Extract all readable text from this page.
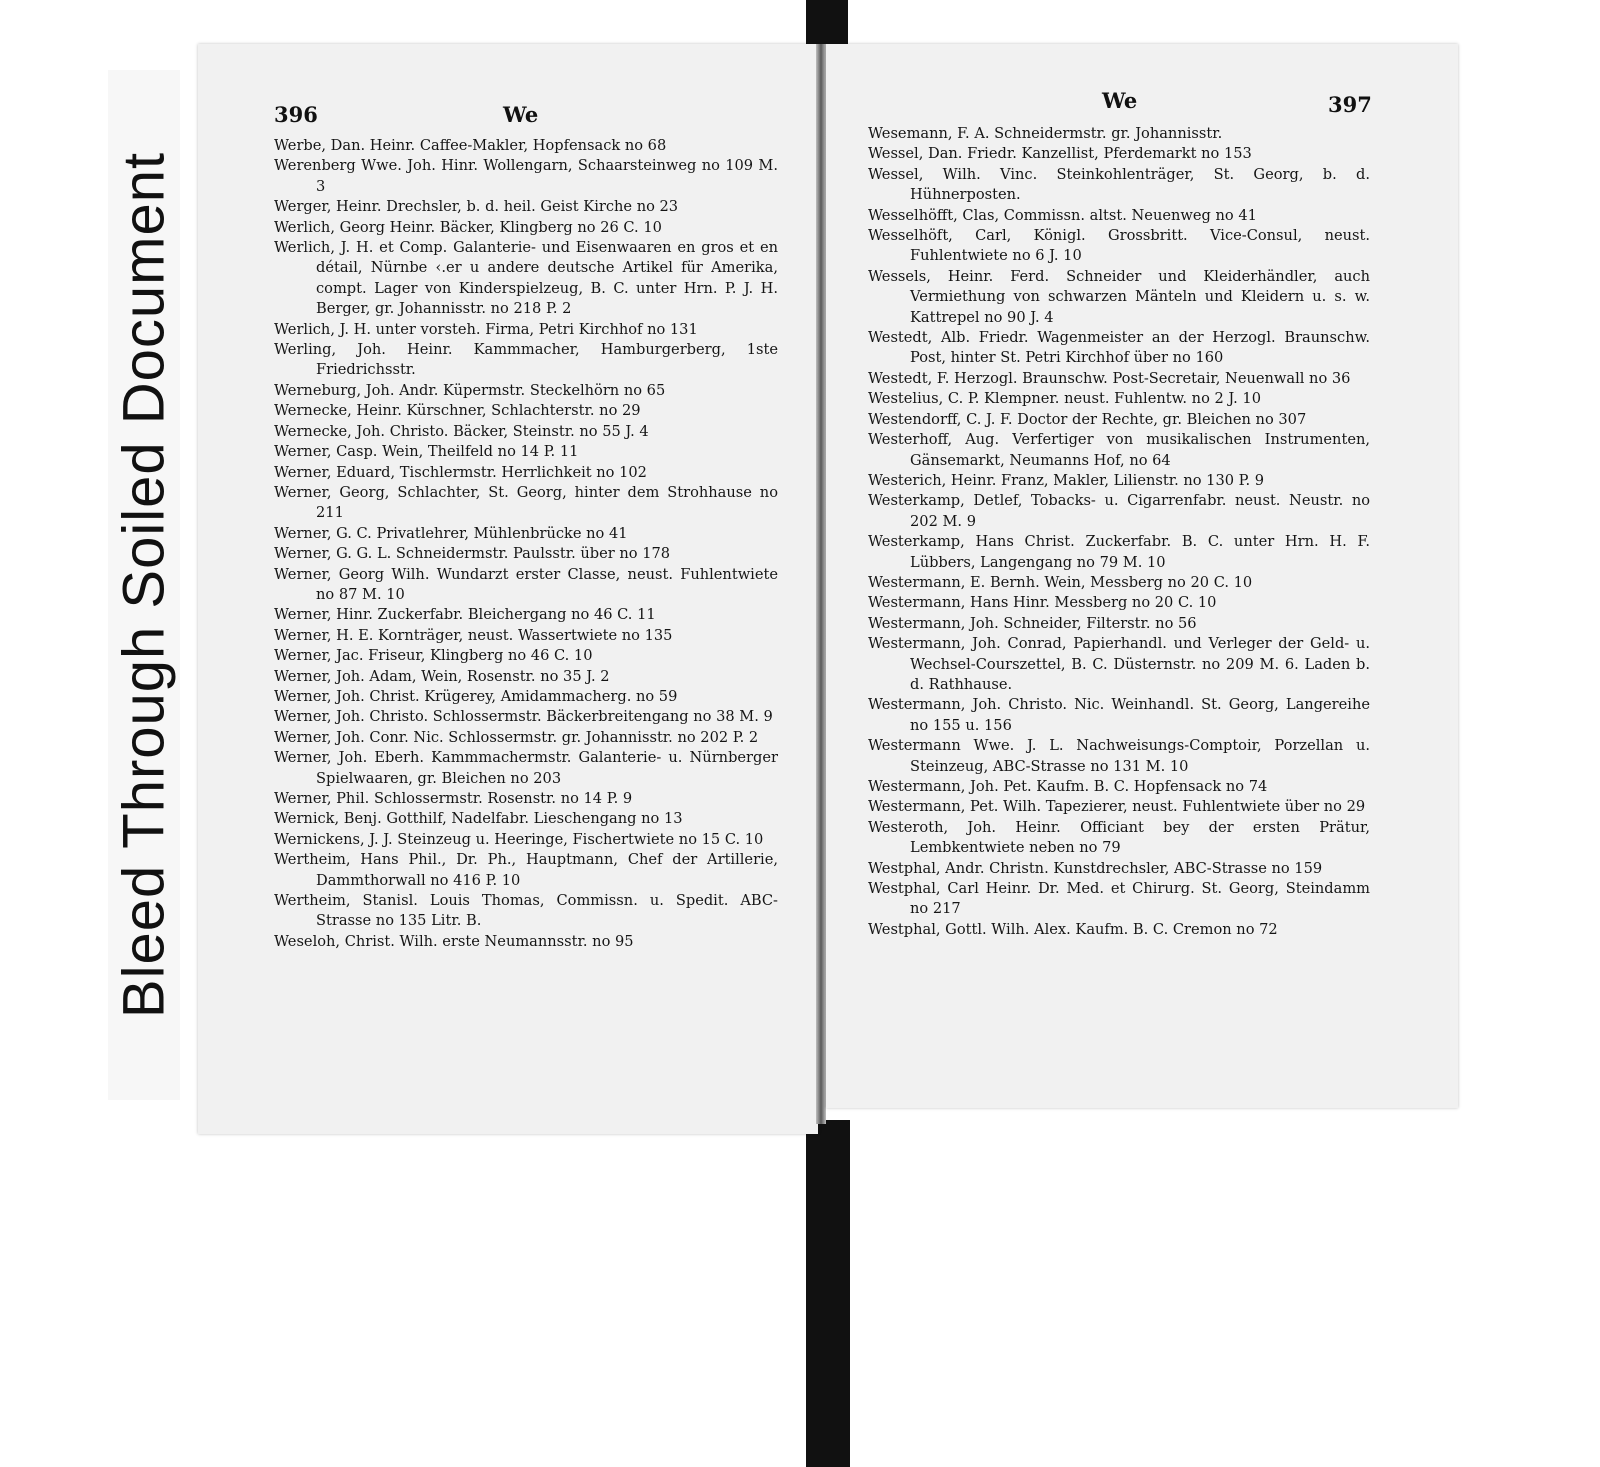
Bleed Through Soiled Document
396	We
Werbe, Dan. Heinr. Caffee-Makler, Hopfensack no 68
Werenberg Wwe. Joh. Hinr. Wollengarn, Schaarsteinweg no 109 M. 3
Werger, Heinr. Drechsler, b. d. heil. Geist Kirche no 23
Werlich, Georg Heinr. Bäcker, Klingberg no 26 C. 10
Werlich, J. H. et Comp. Galanterie- und Eisenwaaren en gros et en détail, Nürnbe ‹.er u andere deutsche Artikel für Amerika, compt. Lager von Kinderspielzeug, B. C. unter Hrn. P. J. H. Berger, gr. Johannisstr. no 218 P. 2
Werlich, J. H. unter vorsteh. Firma, Petri Kirchhof no 131
Werling, Joh. Heinr. Kammmacher, Hamburgerberg, 1ste Friedrichsstr.
Werneburg, Joh. Andr. Küpermstr. Steckelhörn no 65
Wernecke, Heinr. Kürschner, Schlachterstr. no 29
Wernecke, Joh. Christo. Bäcker, Steinstr. no 55 J. 4
Werner, Casp. Wein, Theilfeld no 14 P. 11
Werner, Eduard, Tischlermstr. Herrlichkeit no 102
Werner, Georg, Schlachter, St. Georg, hinter dem Strohhause no 211
Werner, G. C. Privatlehrer, Mühlenbrücke no 41
Werner, G. G. L. Schneidermstr. Paulsstr. über no 178
Werner, Georg Wilh. Wundarzt erster Classe, neust. Fuhlentwiete no 87 M. 10
Werner, Hinr. Zuckerfabr. Bleichergang no 46 C. 11
Werner, H. E. Kornträger, neust. Wassertwiete no 135
Werner, Jac. Friseur, Klingberg no 46 C. 10
Werner, Joh. Adam, Wein, Rosenstr. no 35 J. 2
Werner, Joh. Christ. Krügerey, Amidammacherg. no 59
Werner, Joh. Christo. Schlossermstr. Bäckerbreitengang no 38 M. 9
Werner, Joh. Conr. Nic. Schlossermstr. gr. Johannisstr. no 202 P. 2
Werner, Joh. Eberh. Kammmachermstr. Galanterie- u. Nürnberger Spielwaaren, gr. Bleichen no 203
Werner, Phil. Schlossermstr. Rosenstr. no 14 P. 9
Wernick, Benj. Gotthilf, Nadelfabr. Lieschengang no 13
Wernickens, J. J. Steinzeug u. Heeringe, Fischertwiete no 15 C. 10
Wertheim, Hans Phil., Dr. Ph., Hauptmann, Chef der Artillerie, Dammthorwall no 416 P. 10
Wertheim, Stanisl. Louis Thomas, Commissn. u. Spedit. ABC-Strasse no 135 Litr. B.
Weseloh, Christ. Wilh. erste Neumannsstr. no 95
We	397
Wesemann, F. A. Schneidermstr. gr. Johannisstr.
Wessel, Dan. Friedr. Kanzellist, Pferdemarkt no 153
Wessel, Wilh. Vinc. Steinkohlenträger, St. Georg, b. d. Hühnerposten.
Wesselhöfft, Clas, Commissn. altst. Neuenweg no 41
Wesselhöft, Carl, Königl. Grossbritt. Vice-Consul, neust. Fuhlentwiete no 6 J. 10
Wessels, Heinr. Ferd. Schneider und Kleiderhändler, auch Vermiethung von schwarzen Mänteln und Kleidern u. s. w. Kattrepel no 90 J. 4
Westedt, Alb. Friedr. Wagenmeister an der Herzogl. Braunschw. Post, hinter St. Petri Kirchhof über no 160
Westedt, F. Herzogl. Braunschw. Post-Secretair, Neuenwall no 36
Westelius, C. P. Klempner. neust. Fuhlentw. no 2 J. 10
Westendorff, C. J. F. Doctor der Rechte, gr. Bleichen no 307
Westerhoff, Aug. Verfertiger von musikalischen Instrumenten, Gänsemarkt, Neumanns Hof, no 64
Westerich, Heinr. Franz, Makler, Lilienstr. no 130 P. 9
Westerkamp, Detlef, Tobacks- u. Cigarrenfabr. neust. Neustr. no 202 M. 9
Westerkamp, Hans Christ. Zuckerfabr. B. C. unter Hrn. H. F. Lübbers, Langengang no 79 M. 10
Westermann, E. Bernh. Wein, Messberg no 20 C. 10
Westermann, Hans Hinr. Messberg no 20 C. 10
Westermann, Joh. Schneider, Filterstr. no 56
Westermann, Joh. Conrad, Papierhandl. und Verleger der Geld- u. Wechsel-Courszettel, B. C. Düsternstr. no 209 M. 6. Laden b. d. Rathhause.
Westermann, Joh. Christo. Nic. Weinhandl. St. Georg, Langereihe no 155 u. 156
Westermann Wwe. J. L. Nachweisungs-Comptoir, Porzellan u. Steinzeug, ABC-Strasse no 131 M. 10
Westermann, Joh. Pet. Kaufm. B. C. Hopfensack no 74
Westermann, Pet. Wilh. Tapezierer, neust. Fuhlentwiete über no 29
Westeroth, Joh. Heinr. Officiant bey der ersten Prätur, Lembkentwiete neben no 79
Westphal, Andr. Christn. Kunstdrechsler, ABC-Strasse no 159
Westphal, Carl Heinr. Dr. Med. et Chirurg. St. Georg, Steindamm no 217
Westphal, Gottl. Wilh. Alex. Kaufm. B. C. Cremon no 72
